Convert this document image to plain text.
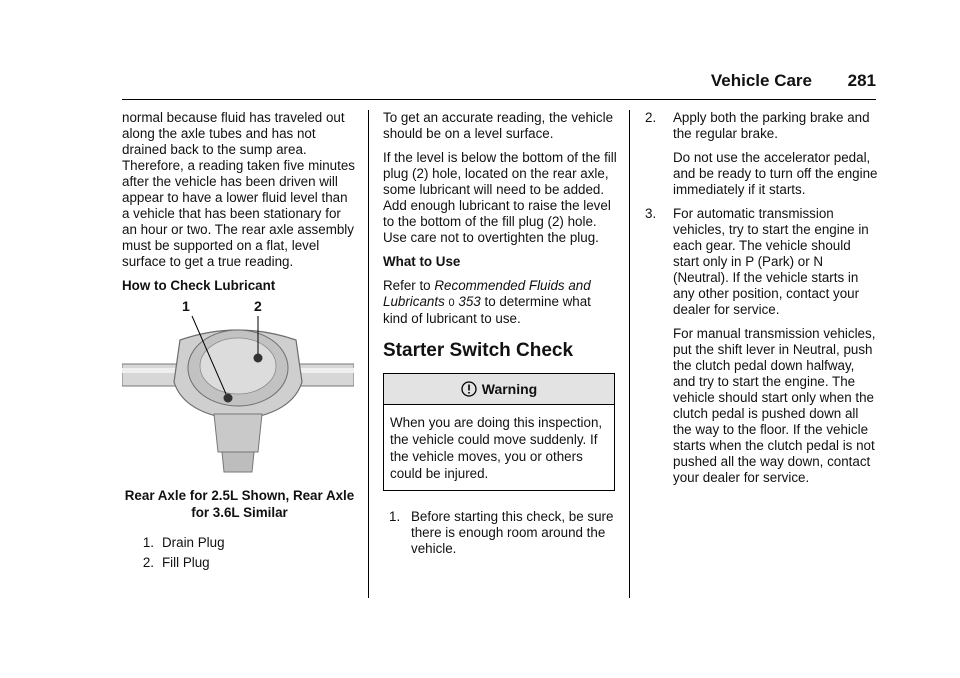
Vehicle Care 281

normal because fluid has traveled out along the axle tubes and has not drained back to the sump area. Therefore, a reading taken five minutes after the vehicle has been driven will appear to have a lower fluid level than a vehicle that has been stationary for an hour or two. The rear axle assembly must be supported on a flat, level surface to get a true reading.

How to Check Lubricant

1	2
Rear Axle for 2.5L Shown, Rear Axle for 3.6L Similar
1. Drain Plug
2. Fill Plug

To get an accurate reading, the vehicle should be on a level surface.

If the level is below the bottom of the fill plug (2) hole, located on the rear axle, some lubricant will need to be added. Add enough lubricant to raise the level to the bottom of the fill plug (2) hole. Use care not to overtighten the plug.

What to Use

Refer to Recommended Fluids and Lubricants 0 353 to determine what kind of lubricant to use.

Starter Switch Check
Warning
When you are doing this inspection, the vehicle could move suddenly. If the vehicle moves, you or others could be injured.
1. Before starting this check, be sure there is enough room around the vehicle.
2.	Apply both the parking brake and the regular brake.

Do not use the accelerator pedal, and be ready to turn off the engine immediately if it starts.

3.	For automatic transmission vehicles, try to start the engine in each gear. The vehicle should start only in P (Park) or N (Neutral). If the vehicle starts in any other position, contact your dealer for service.

For manual transmission vehicles, put the shift lever in Neutral, push the clutch pedal down halfway, and try to start the engine. The vehicle should start only when the clutch pedal is pushed down all the way to the floor. If the vehicle starts when the clutch pedal is not pushed all the way down, contact your dealer for service.
